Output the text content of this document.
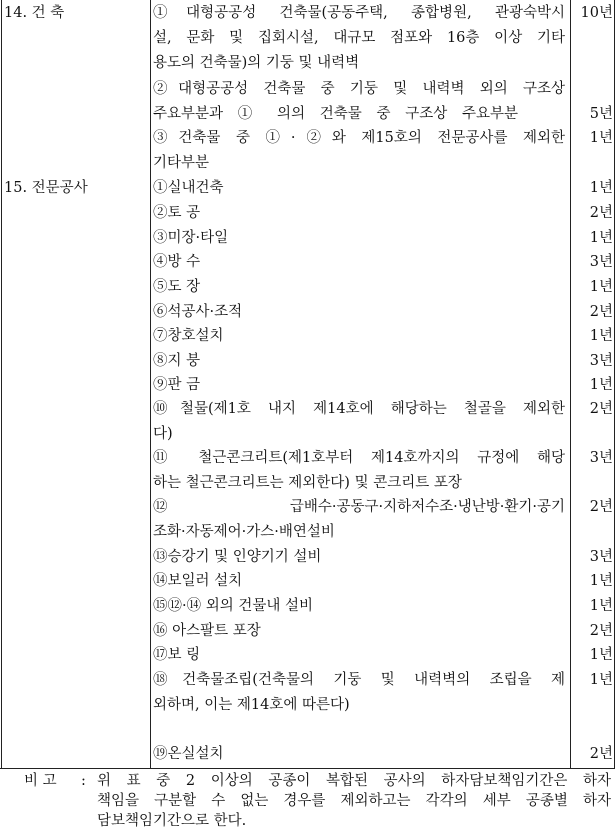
14. 건 축	①대형공공성 건축물(공동주택, 종합병원, 관광숙박시
설, 문화 및 집회시설, 대규모 점포와 16층 이상 기타
용도의 건축물)의 기둥 및 내력벽
10년
②대형공공성 건축물 중 기둥 및 내력벽 외의 구조상
주요부분과 ① 의의 건축물 중 구조상 주요부분	5년
③건축물 중 ①·②와 제15호의 전문공사를 제외한
기타부분
1년
15. 전문공사	①실내건축	1년
②토 공	2년
③미장·타일	1년
④방 수	3년
⑤도 장	1년
⑥석공사·조적	2년
⑦창호설치	1년
⑧지 붕	3년
⑨판 금	1년
⑩철물(제1호 내지 제14호에 해당하는 철골을 제외한
다)
2년
⑪ 철근콘크리트(제1호부터 제14호까지의 규정에 해당
하는 철근콘크리트는 제외한다) 및 콘크리트 포장
3년
⑫급배수·공동구·지하저수조·냉난방·환기·공기
조화·자동제어·가스·배연설비
2년
⑬승강기 및 인양기기 설비	3년
⑭보일러 설치	1년
⑮⑫·⑭ 외의 건물내 설비	1년
⑯ 아스팔트 포장	2년
⑰보 링	1년
⑱건축물조립(건축물의 기둥 및 내력벽의 조립을 제
외하며, 이는 제14호에 따른다)
1년
⑲온실설치	2년
비 고 : 위 표 중 2 이상의 공종이 복합된 공사의 하자담보책임기간은 하자
책임을 구분할 수 없는 경우를 제외하고는 각각의 세부 공종별 하자
담보책임기간으로 한다.
